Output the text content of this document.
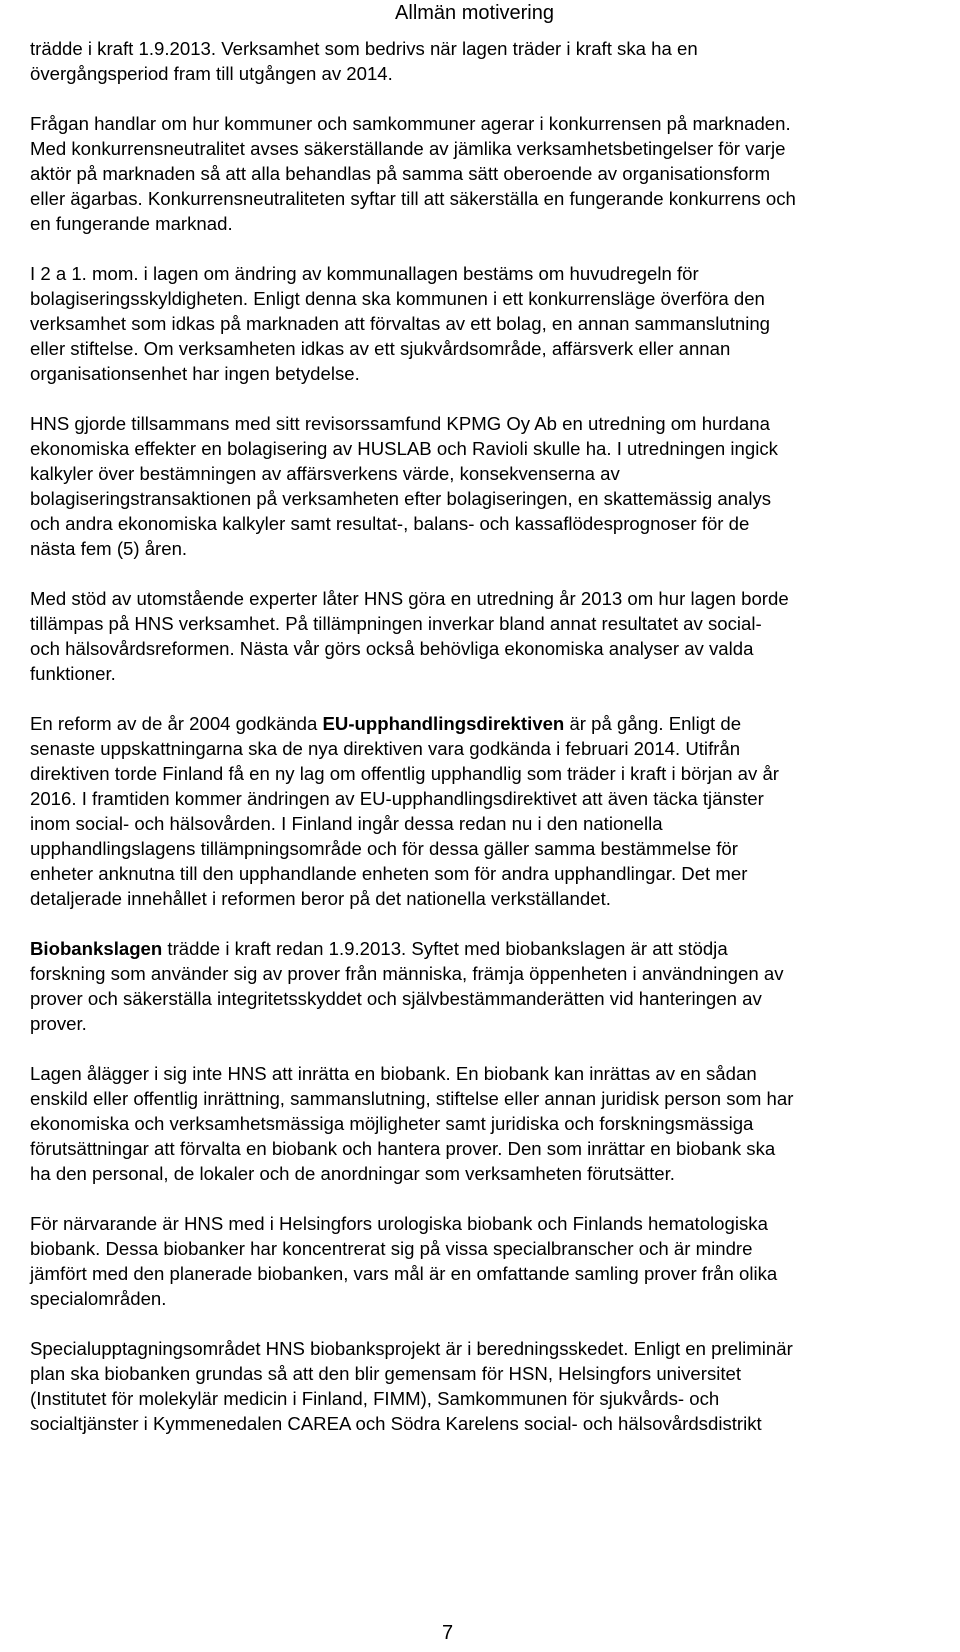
Allmän motivering

trädde i kraft 1.9.2013. Verksamhet som bedrivs när lagen träder i kraft ska ha en

övergångsperiod fram till utgången av 2014.

Frågan handlar om hur kommuner och samkommuner agerar i konkurrensen på marknaden.

Med konkurrensneutralitet avses säkerställande av jämlika verksamhetsbetingelser för varje

aktör på marknaden så att alla behandlas på samma sätt oberoende av organisationsform

eller ägarbas. Konkurrensneutraliteten syftar till att säkerställa en fungerande konkurrens och

en fungerande marknad.

I 2 a 1. mom. i lagen om ändring av kommunallagen bestäms om huvudregeln för

bolagiseringsskyldigheten. Enligt denna ska kommunen i ett konkurrensläge överföra den

verksamhet som idkas på marknaden att förvaltas av ett bolag, en annan sammanslutning

eller stiftelse. Om verksamheten idkas av ett sjukvårdsområde, affärsverk eller annan

organisationsenhet har ingen betydelse.

HNS gjorde tillsammans med sitt revisorssamfund KPMG Oy Ab en utredning om hurdana

ekonomiska effekter en bolagisering av HUSLAB och Ravioli skulle ha. I utredningen ingick

kalkyler över bestämningen av affärsverkens värde, konsekvenserna av

bolagiseringstransaktionen på verksamheten efter bolagiseringen, en skattemässig analys

och andra ekonomiska kalkyler samt resultat-, balans- och kassaflödesprognoser för de

nästa fem (5) åren.

Med stöd av utomstående experter låter HNS göra en utredning år 2013 om hur lagen borde

tillämpas på HNS verksamhet. På tillämpningen inverkar bland annat resultatet av social-

och hälsovårdsreformen. Nästa vår görs också behövliga ekonomiska analyser av valda

funktioner.

En reform av de år 2004 godkända EU-upphandlingsdirektiven är på gång. Enligt de

senaste uppskattningarna ska de nya direktiven vara godkända i februari 2014. Utifrån

direktiven torde Finland få en ny lag om offentlig upphandlig som träder i kraft i början av år

2016. I framtiden kommer ändringen av EU-upphandlingsdirektivet att även täcka tjänster

inom social- och hälsovården. I Finland ingår dessa redan nu i den nationella

upphandlingslagens tillämpningsområde och för dessa gäller samma bestämmelse för

enheter anknutna till den upphandlande enheten som för andra upphandlingar. Det mer

detaljerade innehållet i reformen beror på det nationella verkställandet.

Biobankslagen trädde i kraft redan 1.9.2013. Syftet med biobankslagen är att stödja

forskning som använder sig av prover från människa, främja öppenheten i användningen av

prover och säkerställa integritetsskyddet och självbestämmanderätten vid hanteringen av

prover.

Lagen ålägger i sig inte HNS att inrätta en biobank. En biobank kan inrättas av en sådan

enskild eller offentlig inrättning, sammanslutning, stiftelse eller annan juridisk person som har

ekonomiska och verksamhetsmässiga möjligheter samt juridiska och forskningsmässiga

förutsättningar att förvalta en biobank och hantera prover. Den som inrättar en biobank ska

ha den personal, de lokaler och de anordningar som verksamheten förutsätter.

För närvarande är HNS med i Helsingfors urologiska biobank och Finlands hematologiska

biobank. Dessa biobanker har koncentrerat sig på vissa specialbranscher och är mindre

jämfört med den planerade biobanken, vars mål är en omfattande samling prover från olika

specialområden.

Specialupptagningsområdet HNS biobanksprojekt är i beredningsskedet. Enligt en preliminär

plan ska biobanken grundas så att den blir gemensam för HSN, Helsingfors universitet

(Institutet för molekylär medicin i Finland, FIMM), Samkommunen för sjukvårds- och

socialtjänster i Kymmenedalen CAREA och Södra Karelens social- och hälsovårdsdistrikt

7
